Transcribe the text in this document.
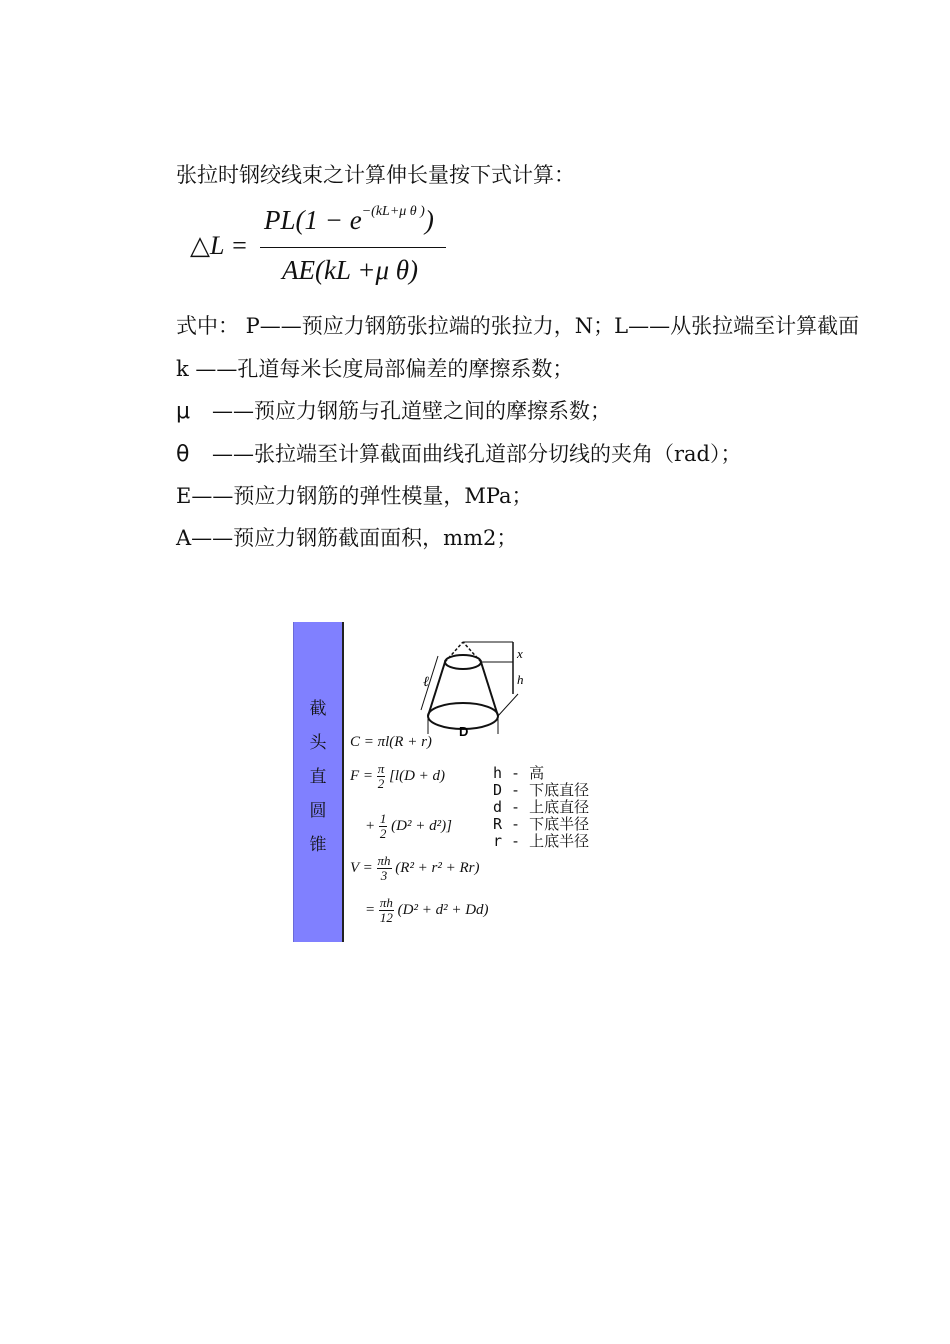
张拉时钢绞线束之计算伸长量按下式计算：
△L =
$PL(1 - e^{-(kL+\mu \theta )})$
AE(kL +μ θ)
式中： P——预应力钢筋张拉端的张拉力，N；L——从张拉端至计算截面
k ——孔道每米长度局部偏差的摩擦系数；
μ ——预应力钢筋与孔道壁之间的摩擦系数；
θ ——张拉端至计算截面曲线孔道部分切线的夹角（rad）；
E——预应力钢筋的弹性模量，MPa；
A——预应力钢筋截面面积，mm2；
截
头
直
圆
锥
ℓ
x
h
D
C = πl(R + r)
$F = \frac{\pi}{2} [l(D + d)$
+ $\frac{1}{2} (D^2 + d^2)$]
$V = \frac{\pi h}{3} (R^2 + r^2 + Rr)$
= $\frac{\pi h}{12} (D^2 + d^2 + Dd)$
h - 高
D - 下底直径
d - 上底直径
R - 下底半径
r - 上底半径
